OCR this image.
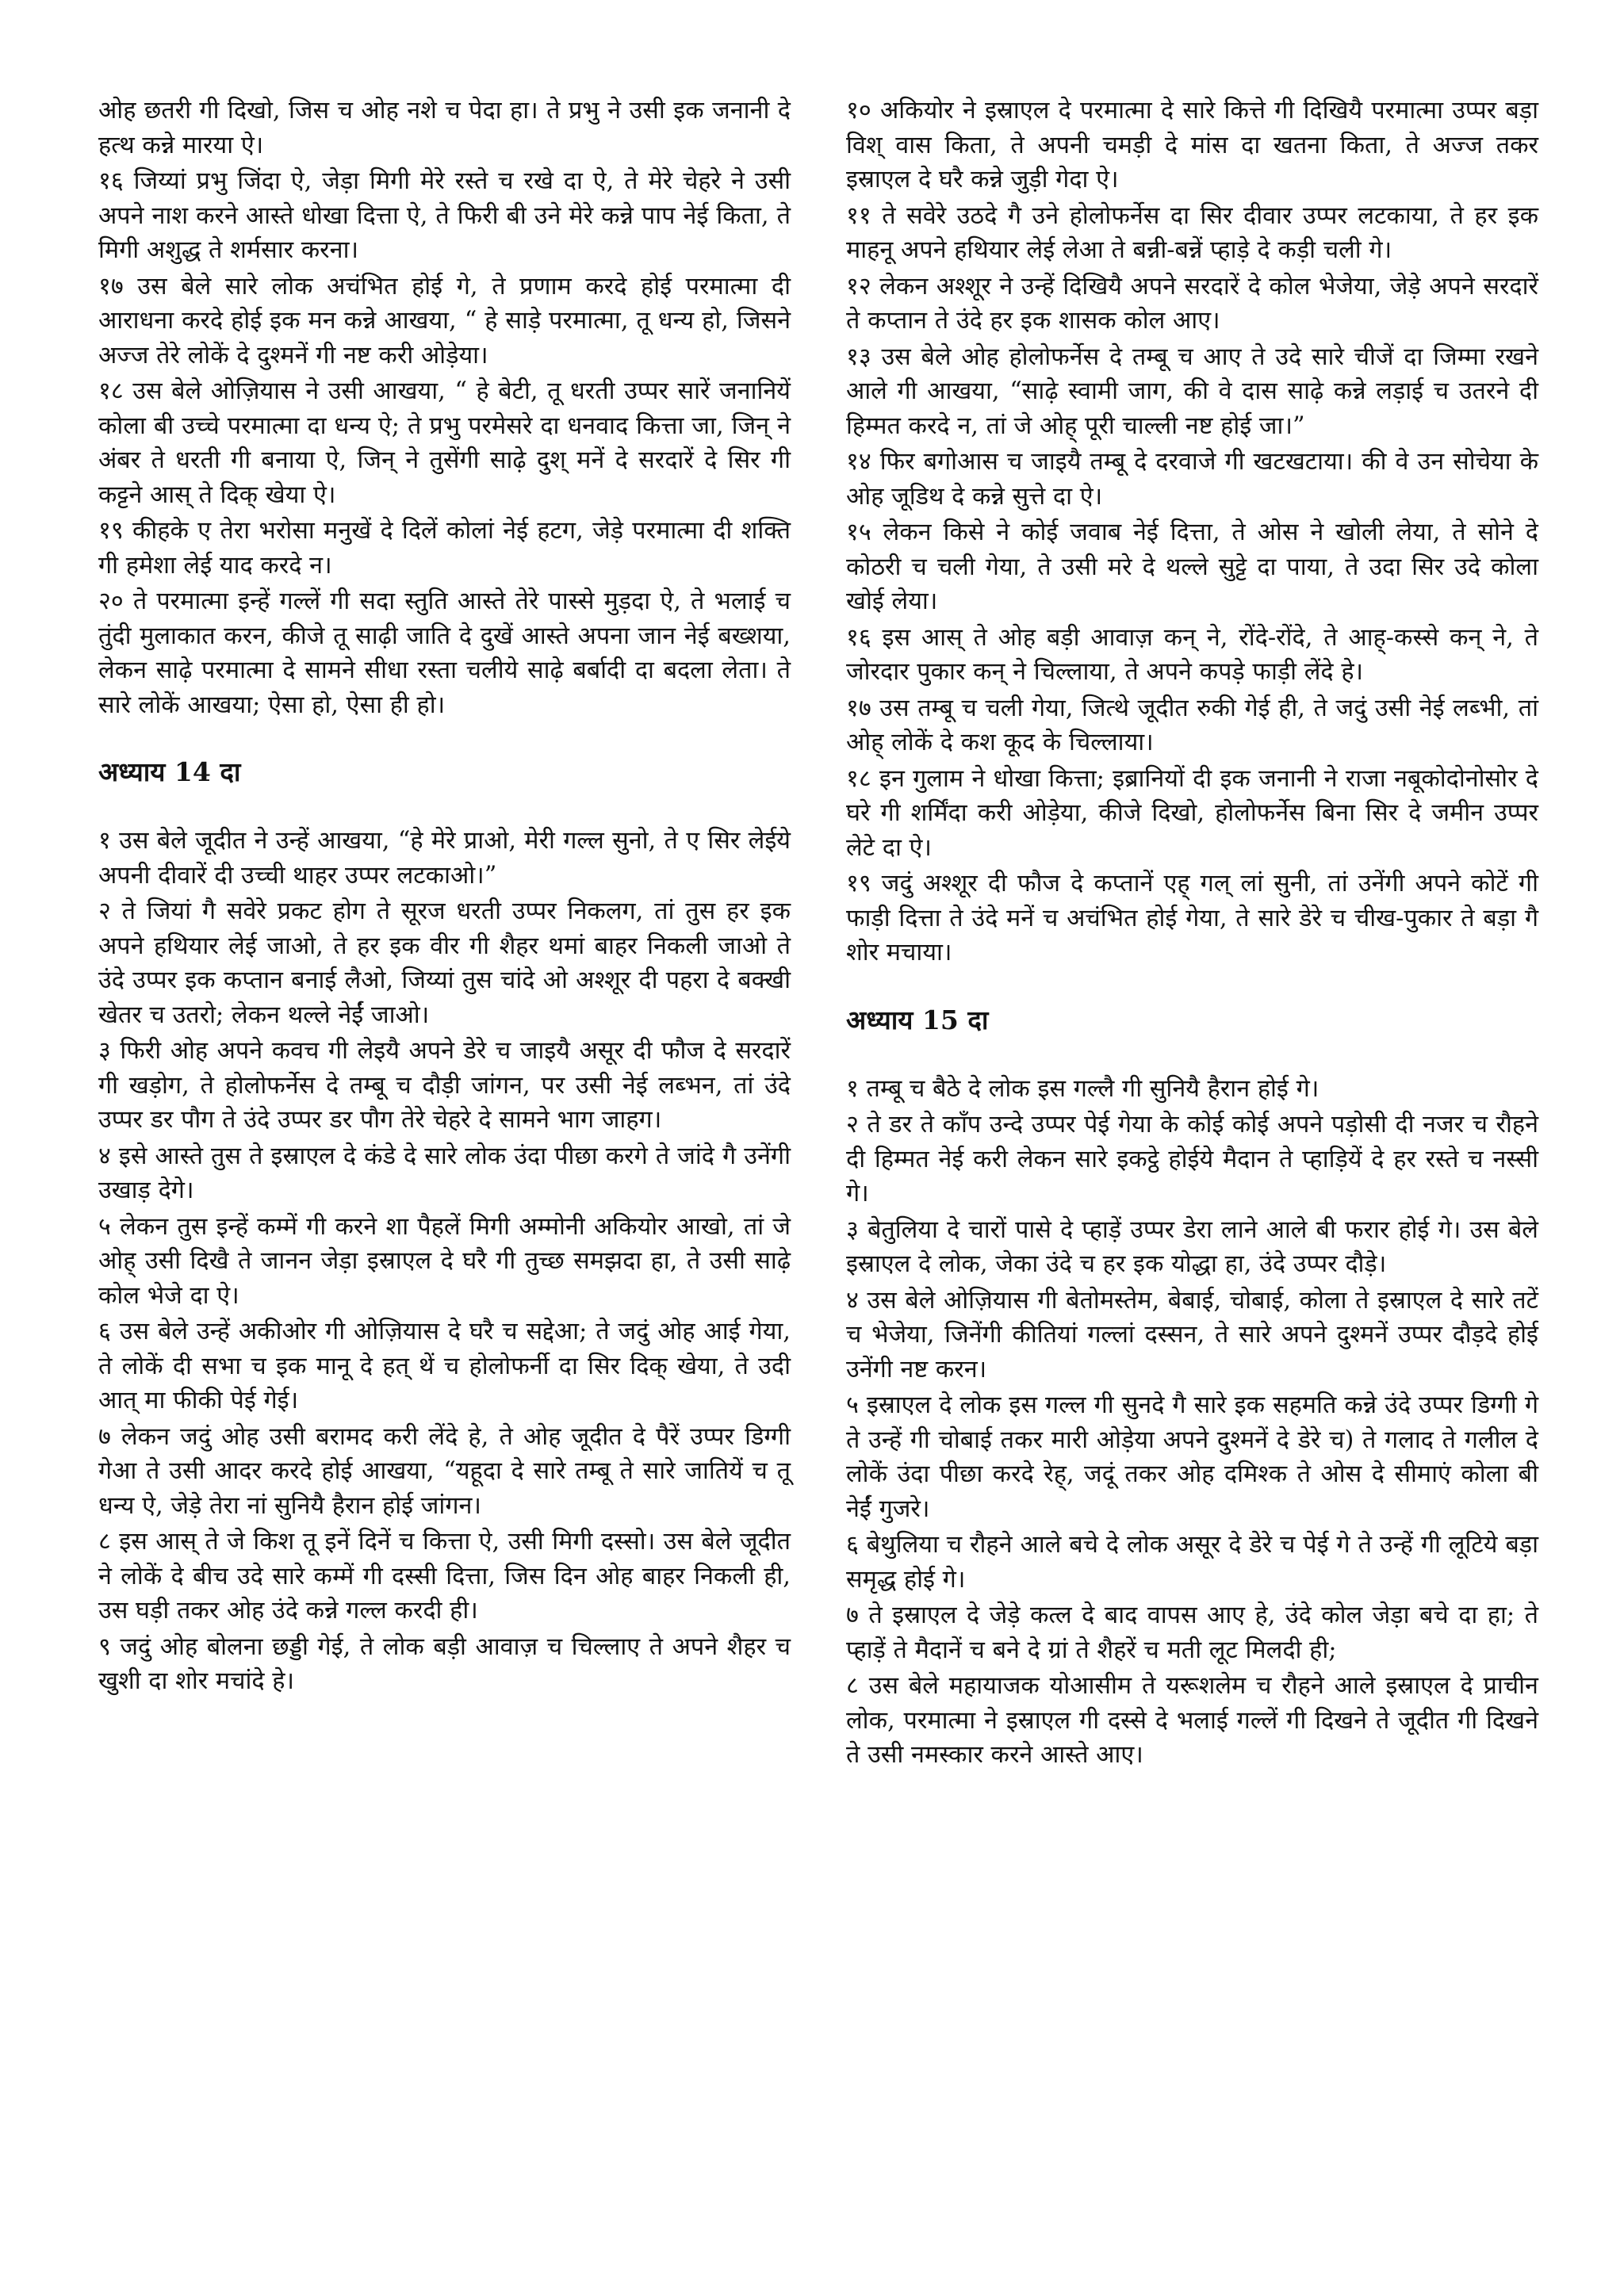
ओह छतरी गी दिखो, जिस च ओह नशे च पेदा हा। ते प्रभु ने उसी इक जनानी दे हत्थ कन्ने मारया ऐ।

१६ जिय्यां प्रभु जिंदा ऐ, जेड़ा मिगी मेरे रस्ते च रखे दा ऐ, ते मेरे चेहरे ने उसी अपने नाश करने आस्ते धोखा दित्ता ऐ, ते फिरी बी उने मेरे कन्ने पाप नेई किता, ते मिगी अशुद्ध ते शर्मसार करना।

१७ उस बेले सारे लोक अचंभित होई गे, ते प्रणाम करदे होई परमात्मा दी आराधना करदे होई इक मन कन्ने आखया, “ हे साड़े परमात्मा, तू धन्य हो, जिसने अज्ज तेरे लोकें दे दुश्मनें गी नष्ट करी ओड़ेया।

१८ उस बेले ओज़ियास ने उसी आखया, “ हे बेटी, तू धरती उप्पर सारें जनानियें कोला बी उच्चे परमात्मा दा धन्य ऐ; ते प्रभु परमेसरे दा धनवाद कित्ता जा, जिन् ने अंबर ते धरती गी बनाया ऐ, जिन् ने तुसेंगी साढ़े दुश् मनें दे सरदारें दे सिर गी कट्टने आस् ते दिक् खेया ऐ।

१९ कीहके ए तेरा भरोसा मनुखें दे दिलें कोलां नेई हटग, जेड़े परमात्मा दी शक्ति गी हमेशा लेई याद करदे न।

२० ते परमात्मा इन्हें गल्लें गी सदा स्तुति आस्ते तेरे पास्से मुड़दा ऐ, ते भलाई च तुंदी मुलाकात करन, कीजे तू साढ़ी जाति दे दुखें आस्ते अपना जान नेई बख्शया, लेकन साढ़े परमात्मा दे सामने सीधा रस्ता चलीये साढ़े बर्बादी दा बदला लेता। ते सारे लोकें आखया; ऐसा हो, ऐसा ही हो।

अध्याय 14 दा

१ उस बेले जूदीत ने उन्हें आखया, “हे मेरे प्राओ, मेरी गल्ल सुनो, ते ए सिर लेईये अपनी दीवारें दी उच्ची थाहर उप्पर लटकाओ।”

२ ते जियां गै सवेरे प्रकट होग ते सूरज धरती उप्पर निकलग, तां तुस हर इक अपने हथियार लेई जाओ, ते हर इक वीर गी शैहर थमां बाहर निकली जाओ ते उंदे उप्पर इक कप्तान बनाई लैओ, जिय्यां तुस चांदे ओ अश्शूर दी पहरा दे बक्खी खेतर च उतरो; लेकन थल्ले नेईं जाओ।

३ फिरी ओह अपने कवच गी लेइयै अपने डेरे च जाइयै असूर दी फौज दे सरदारें गी खड़ोग, ते होलोफर्नेस दे तम्बू च दौड़ी जांगन, पर उसी नेई लब्भन, तां उंदे उप्पर डर पौग ते उंदे उप्पर डर पौग तेरे चेहरे दे सामने भाग जाहग।

४ इसे आस्ते तुस ते इस्राएल दे कंडे दे सारे लोक उंदा पीछा करगे ते जांदे गै उनेंगी उखाड़ देगे।

५ लेकन तुस इन्हें कम्में गी करने शा पैहलें मिगी अम्मोनी अकियोर आखो, तां जे ओह् उसी दिखै ते जानन जेड़ा इस्राएल दे घरै गी तुच्छ समझदा हा, ते उसी साढ़े कोल भेजे दा ऐ।

६ उस बेले उन्हें अकीओर गी ओज़ियास दे घरै च सद्देआ; ते जदुं ओह आई गेया, ते लोकें दी सभा च इक मानू दे हत् थें च होलोफर्नी दा सिर दिक् खेया, ते उदी आत् मा फीकी पेई गेई।

७ लेकन जदुं ओह उसी बरामद करी लेंदे हे, ते ओह जूदीत दे पैरें उप्पर डिग्गी गेआ ते उसी आदर करदे होई आखया, “यहूदा दे सारे तम्बू ते सारे जातियें च तू धन्य ऐ, जेड़े तेरा नां सुनियै हैरान होई जांगन।

८ इस आस् ते जे किश तू इनें दिनें च कित्ता ऐ, उसी मिगी दस्सो। उस बेले जूदीत ने लोकें दे बीच उदे सारे कम्में गी दस्सी दित्ता, जिस दिन ओह बाहर निकली ही, उस घड़ी तकर ओह उंदे कन्ने गल्ल करदी ही।

९ जदुं ओह बोलना छड्डी गेई, ते लोक बड़ी आवाज़ च चिल्लाए ते अपने शैहर च खुशी दा शोर मचांदे हे।

१० अकियोर ने इस्राएल दे परमात्मा दे सारे कित्ते गी दिखियै परमात्मा उप्पर बड़ा विश् वास किता, ते अपनी चमड़ी दे मांस दा खतना किता, ते अज्ज तकर इस्राएल दे घरै कन्ने जुड़ी गेदा ऐ।

११ ते सवेरे उठदे गै उने होलोफर्नेस दा सिर दीवार उप्पर लटकाया, ते हर इक माहनू अपने हथियार लेई लेआ ते बन्नी-बन्नें प्हाड़े दे कड़ी चली गे।

१२ लेकन अश्शूर ने उन्हें दिखियै अपने सरदारें दे कोल भेजेया, जेड़े अपने सरदारें ते कप्तान ते उंदे हर इक शासक कोल आए।

१३ उस बेले ओह होलोफर्नेस दे तम्बू च आए ते उदे सारे चीजें दा जिम्मा रखने आले गी आखया, “साढ़े स्वामी जाग, की वे दास साढ़े कन्ने लड़ाई च उतरने दी हिम्मत करदे न, तां जे ओह् पूरी चाल्ली नष्ट होई जा।”

१४ फिर बगोआस च जाइयै तम्बू दे दरवाजे गी खटखटाया। की वे उन सोचेया के ओह जूडिथ दे कन्ने सुत्ते दा ऐ।

१५ लेकन किसे ने कोई जवाब नेई दित्ता, ते ओस ने खोली लेया, ते सोने दे कोठरी च चली गेया, ते उसी मरे दे थल्ले सुट्टे दा पाया, ते उदा सिर उदे कोला खोई लेया।

१६ इस आस् ते ओह बड़ी आवाज़ कन् ने, रोंदे-रोंदे, ते आह्-कस्से कन् ने, ते जोरदार पुकार कन् ने चिल्लाया, ते अपने कपड़े फाड़ी लेंदे हे।

१७ उस तम्बू च चली गेया, जित्थे जूदीत रुकी गेई ही, ते जदुं उसी नेई लब्भी, तां ओह् लोकें दे कश कूद के चिल्लाया।

१८ इन गुलाम ने धोखा कित्ता; इब्रानियों दी इक जनानी ने राजा नबूकोदोनोसोर दे घरे गी शर्मिंदा करी ओड़ेया, कीजे दिखो, होलोफर्नेस बिना सिर दे जमीन उप्पर लेटे दा ऐ।

१९ जदुं अश्शूर दी फौज दे कप्तानें एह् गल् लां सुनी, तां उनेंगी अपने कोटें गी फाड़ी दित्ता ते उंदे मनें च अचंभित होई गेया, ते सारे डेरे च चीख-पुकार ते बड़ा गै शोर मचाया।

अध्याय 15 दा

१ तम्बू च बैठे दे लोक इस गल्लै गी सुनियै हैरान होई गे।

२ ते डर ते काँप उन्दे उप्पर पेई गेया के कोई कोई अपने पड़ोसी दी नजर च रौहने दी हिम्मत नेई करी लेकन सारे इकट्ठे होईये मैदान ते प्हाड़ियें दे हर रस्ते च नस्सी गे।

३ बेतुलिया दे चारों पासे दे प्हाड़ें उप्पर डेरा लाने आले बी फरार होई गे। उस बेले इस्राएल दे लोक, जेका उंदे च हर इक योद्धा हा, उंदे उप्पर दौड़े।

४ उस बेले ओज़ियास गी बेतोमस्तेम, बेबाई, चोबाई, कोला ते इस्राएल दे सारे तटें च भेजेया, जिनेंगी कीतियां गल्लां दस्सन, ते सारे अपने दुश्मनें उप्पर दौड़दे होई उनेंगी नष्ट करन।

५ इस्राएल दे लोक इस गल्ल गी सुनदे गै सारे इक सहमति कन्ने उंदे उप्पर डिग्गी गे ते उन्हें गी चोबाई तकर मारी ओड़ेया अपने दुश्मनें दे डेरे च) ते गलाद ते गलील दे लोकें उंदा पीछा करदे रेह्, जदूं तकर ओह दमिश्क ते ओस दे सीमाएं कोला बी नेईं गुजरे।

६ बेथुलिया च रौहने आले बचे दे लोक असूर दे डेरे च पेई गे ते उन्हें गी लूटिये बड़ा समृद्ध होई गे।

७ ते इस्राएल दे जेड़े कत्ल दे बाद वापस आए हे, उंदे कोल जेड़ा बचे दा हा; ते प्हाड़ें ते मैदानें च बने दे ग्रां ते शैहरें च मती लूट मिलदी ही;

८ उस बेले महायाजक योआसीम ते यरूशलेम च रौहने आले इस्राएल दे प्राचीन लोक, परमात्मा ने इस्राएल गी दस्से दे भलाई गल्लें गी दिखने ते जूदीत गी दिखने ते उसी नमस्कार करने आस्ते आए।
